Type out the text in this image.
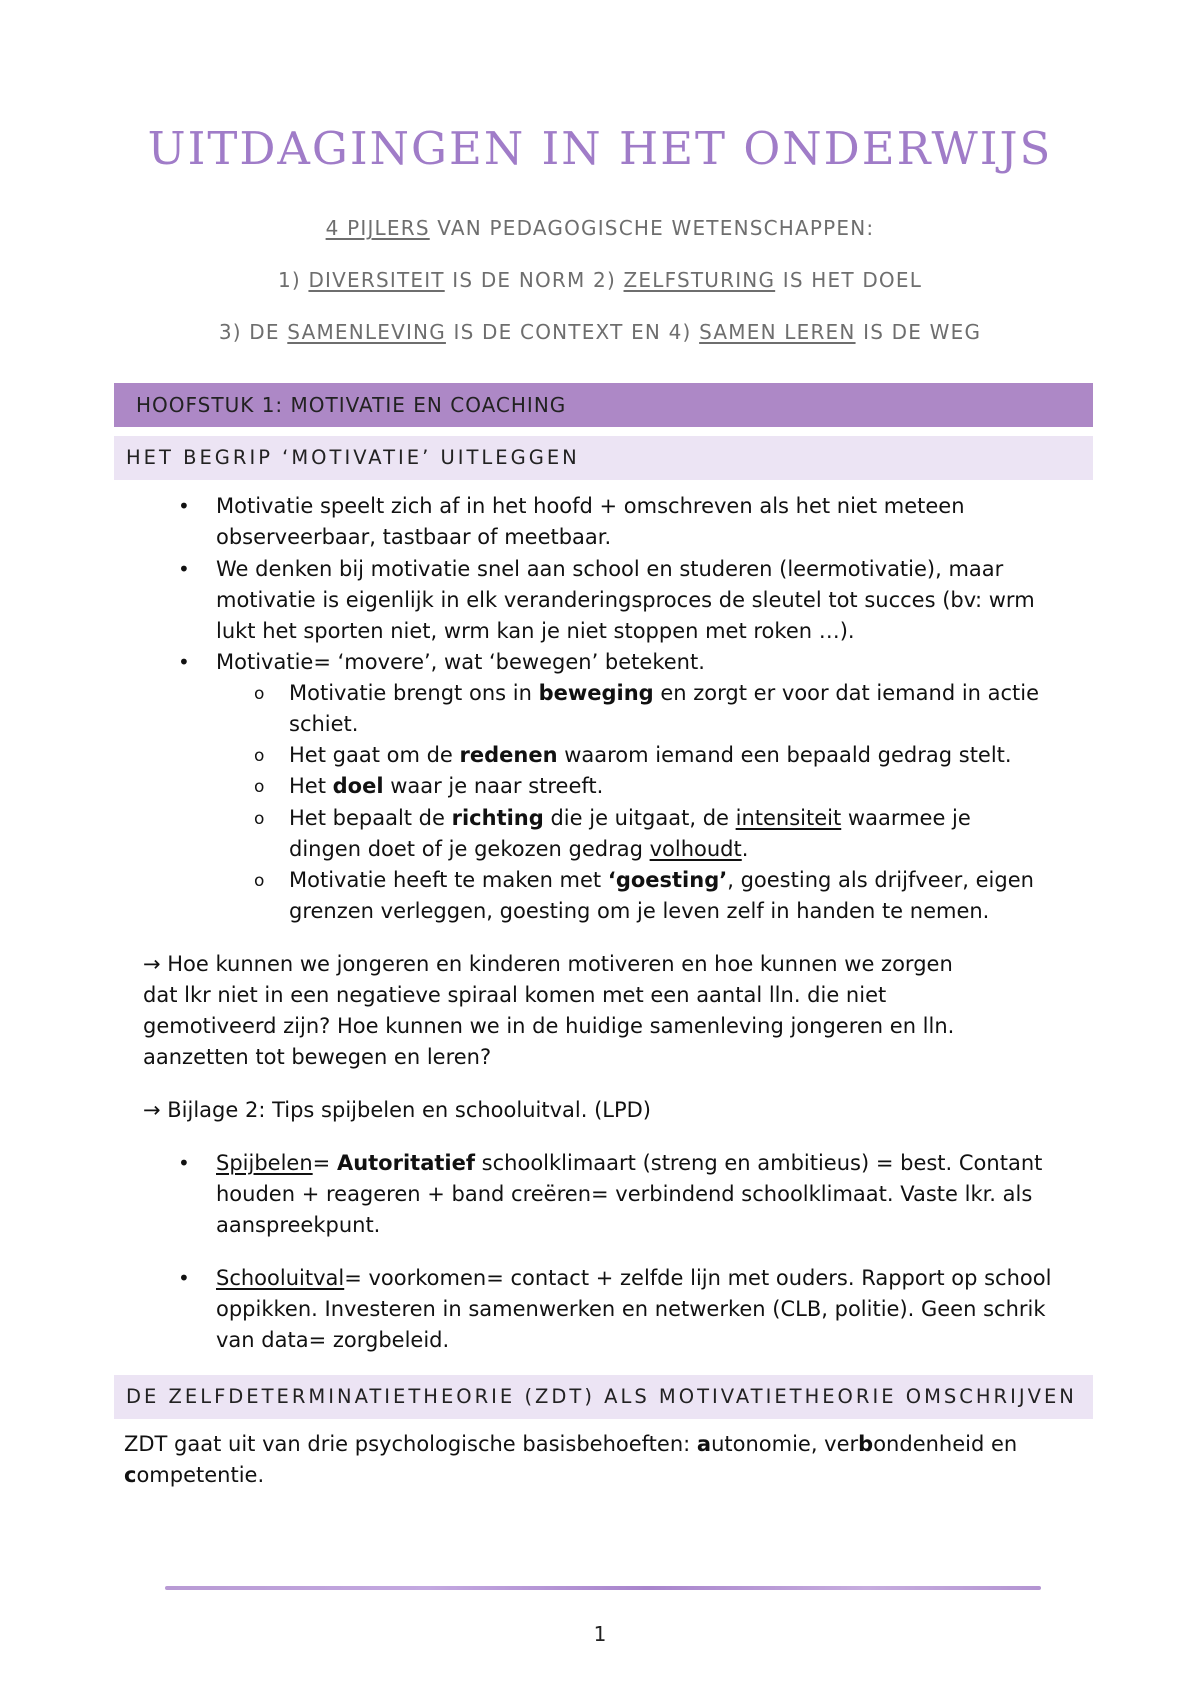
UITDAGINGEN IN HET ONDERWIJS
4 PIJLERS VAN PEDAGOGISCHE WETENSCHAPPEN:
1) DIVERSITEIT IS DE NORM 2) ZELFSTURING IS HET DOEL
3) DE SAMENLEVING IS DE CONTEXT EN 4) SAMEN LEREN IS DE WEG
HOOFSTUK 1: MOTIVATIE EN COACHING
HET BEGRIP ‘MOTIVATIE’ UITLEGGEN
• Motivatie speelt zich af in het hoofd + omschreven als het niet meteen
observeerbaar, tastbaar of meetbaar.
• We denken bij motivatie snel aan school en studeren (leermotivatie), maar
motivatie is eigenlijk in elk veranderingsproces de sleutel tot succes (bv: wrm
lukt het sporten niet, wrm kan je niet stoppen met roken …).
• Motivatie= ‘movere’, wat ‘bewegen’ betekent.
o Motivatie brengt ons in beweging en zorgt er voor dat iemand in actie
schiet.
o Het gaat om de redenen waarom iemand een bepaald gedrag stelt.
o Het doel waar je naar streeft.
o Het bepaalt de richting die je uitgaat, de intensiteit waarmee je
dingen doet of je gekozen gedrag volhoudt.
o Motivatie heeft te maken met ‘goesting’, goesting als drijfveer, eigen
grenzen verleggen, goesting om je leven zelf in handen te nemen.
→ Hoe kunnen we jongeren en kinderen motiveren en hoe kunnen we zorgen
dat lkr niet in een negatieve spiraal komen met een aantal lln. die niet
gemotiveerd zijn? Hoe kunnen we in de huidige samenleving jongeren en lln.
aanzetten tot bewegen en leren?
→ Bijlage 2: Tips spijbelen en schooluitval. (LPD)
• Spijbelen= Autoritatief schoolklimaart (streng en ambitieus) = best. Contant
houden + reageren + band creëren= verbindend schoolklimaat. Vaste lkr. als
aanspreekpunt.
• Schooluitval= voorkomen= contact + zelfde lijn met ouders. Rapport op school
oppikken. Investeren in samenwerken en netwerken (CLB, politie). Geen schrik
van data= zorgbeleid.
DE ZELFDETERMINATIETHEORIE (ZDT) ALS MOTIVATIETHEORIE OMSCHRIJVEN
ZDT gaat uit van drie psychologische basisbehoeften: autonomie, verbondenheid en
competentie.
1
